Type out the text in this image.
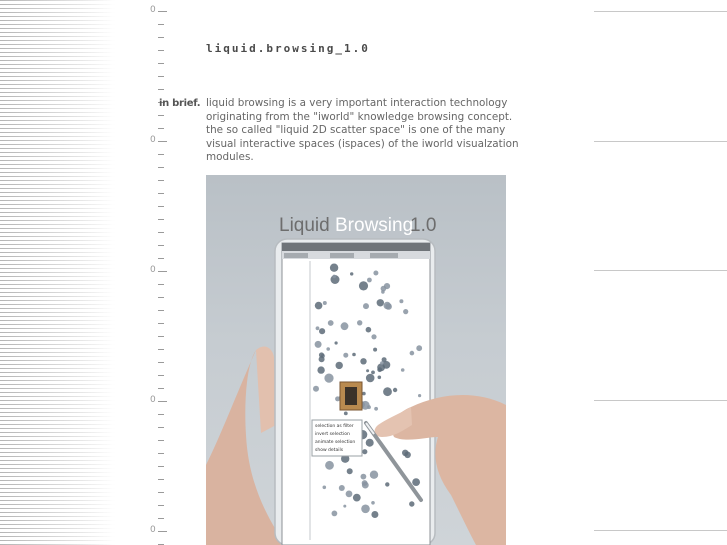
0
0
0
0
0
liquid.browsing_1.0
in brief. liquid browsing is a very important interaction technology
originating from the "iworld" knowledge browsing concept.
the so called "liquid 2D scatter space" is one of the many
visual interactive spaces (ispaces) of the iworld visualzation
modules.

Liquid Browsing
1.0
selection as filter
invert selection
animate selection
show details
